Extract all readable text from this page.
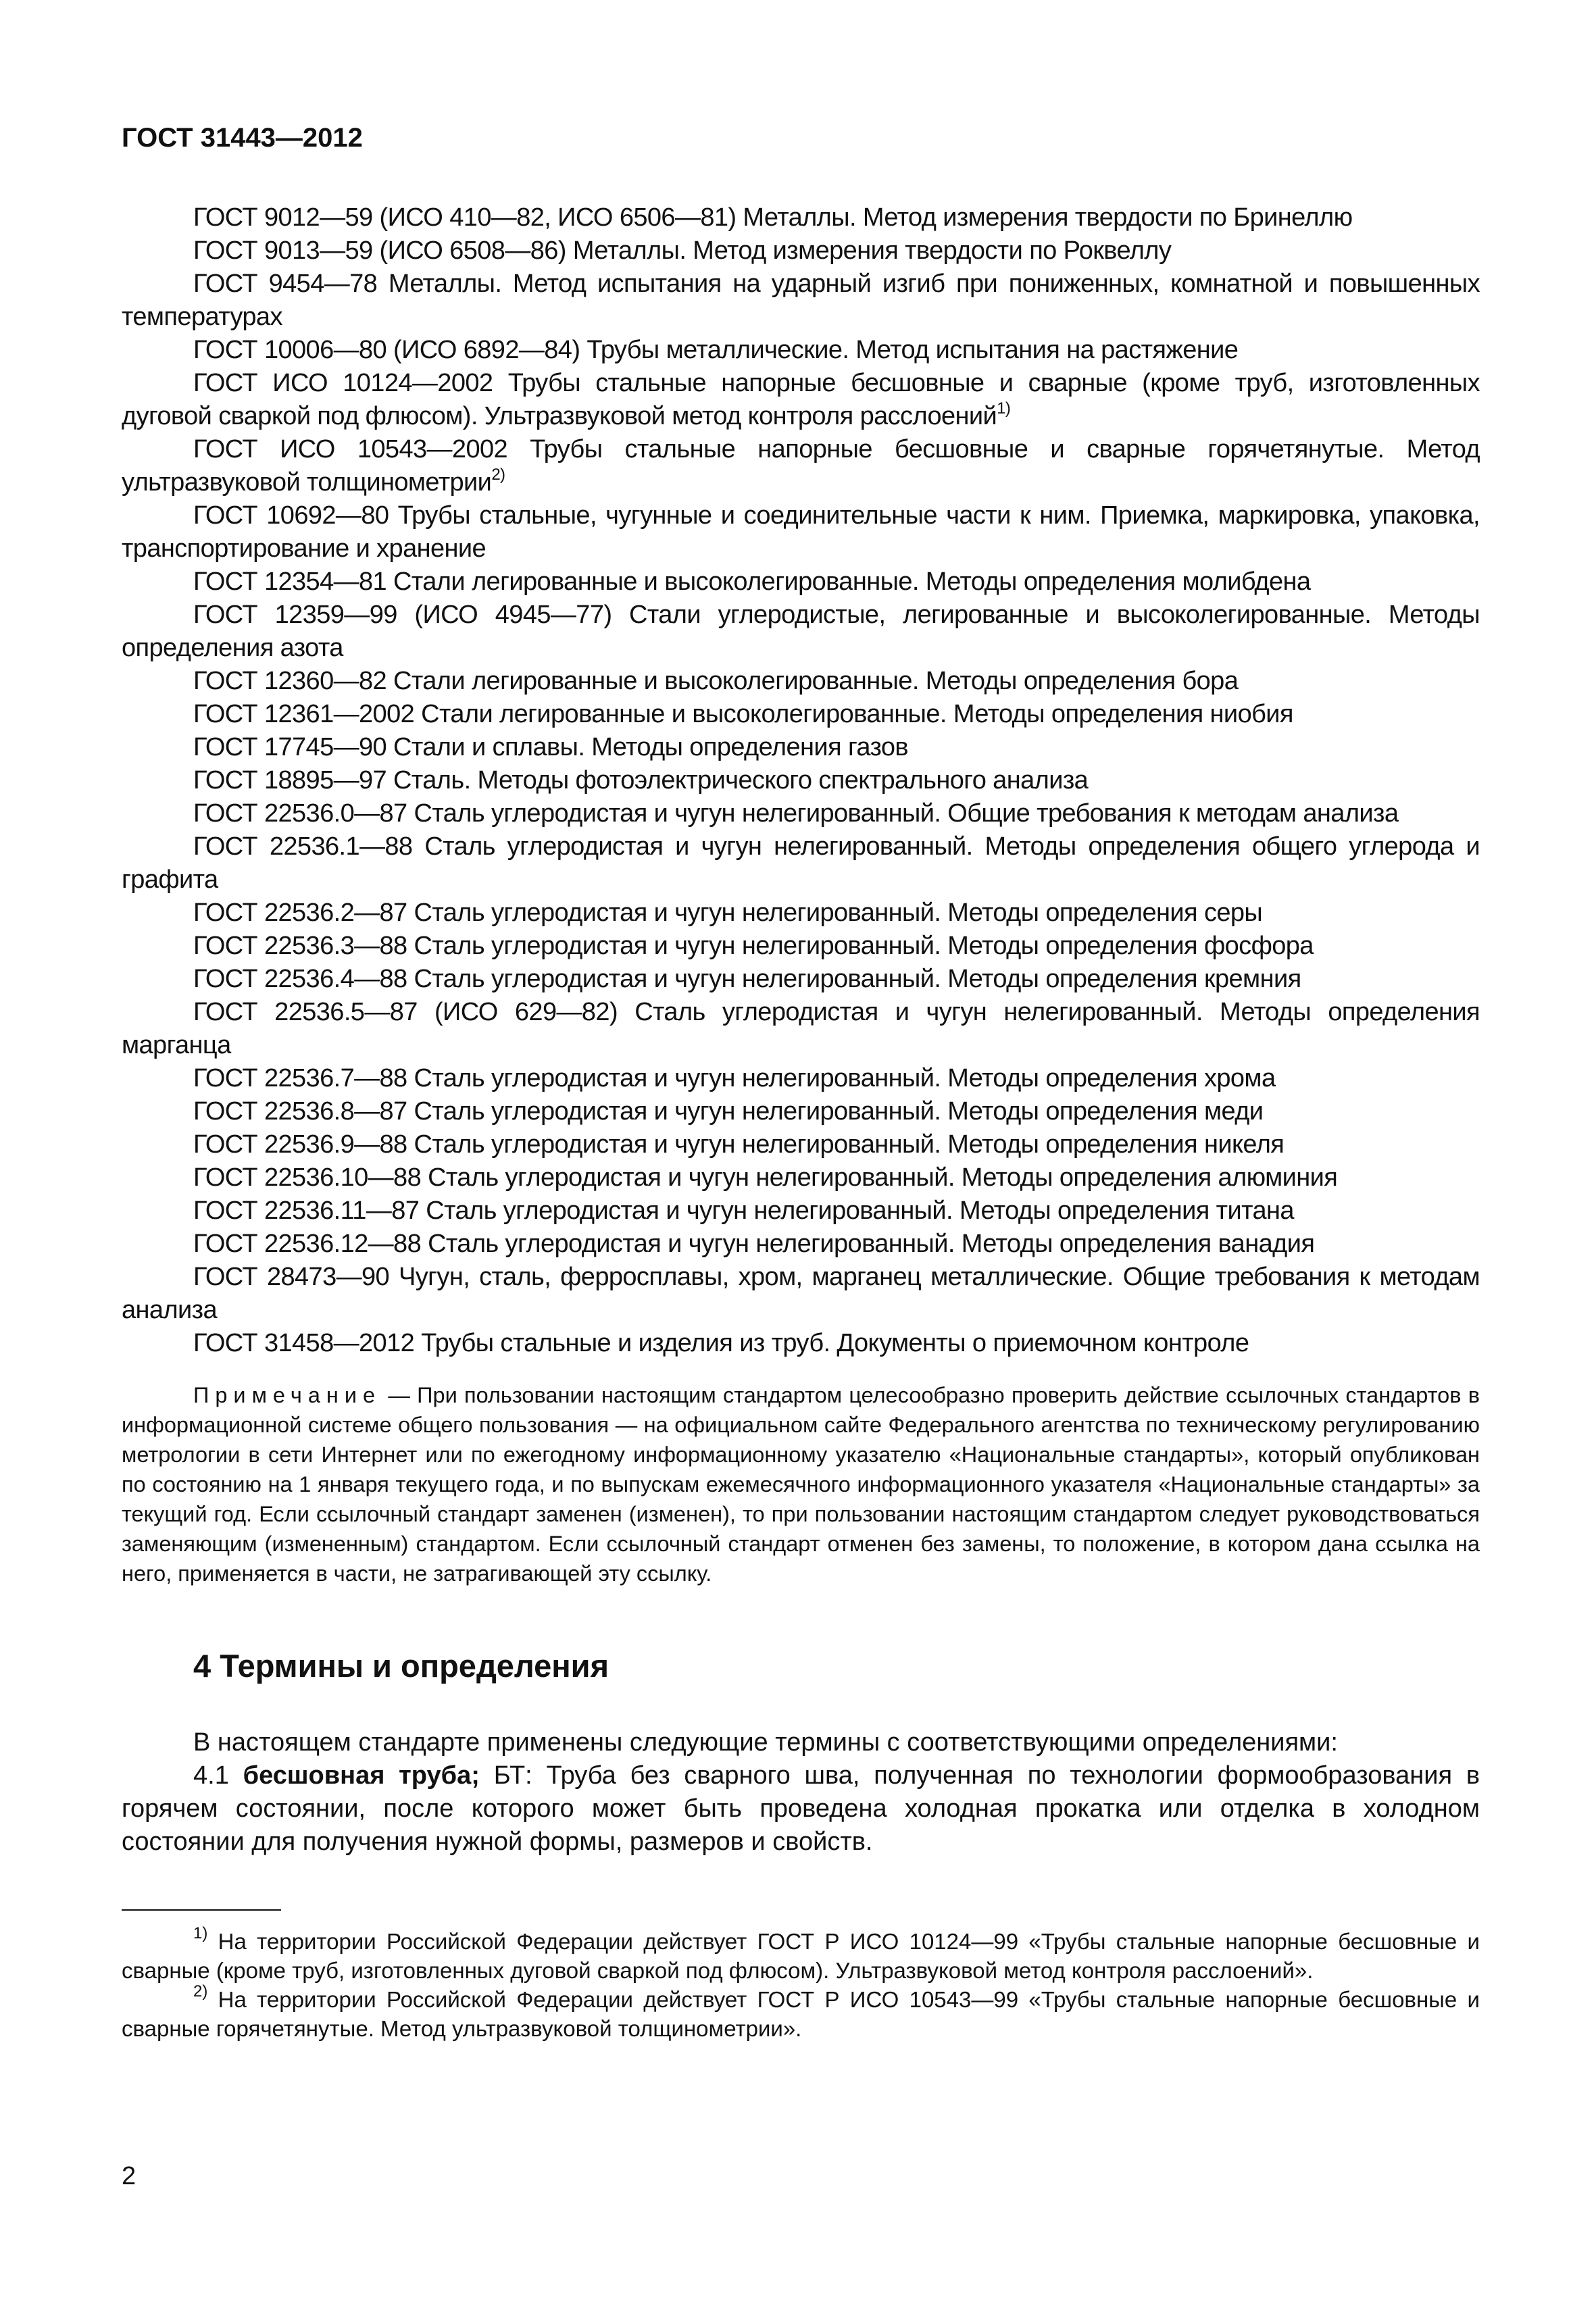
ГОСТ 31443—2012

ГОСТ 9012—59 (ИСО 410—82, ИСО 6506—81) Металлы. Метод измерения твердости по Бринеллю

ГОСТ 9013—59 (ИСО 6508—86) Металлы. Метод измерения твердости по Роквеллу

ГОСТ 9454—78 Металлы. Метод испытания на ударный изгиб при пониженных, комнатной и повышенных температурах

ГОСТ 10006—80 (ИСО 6892—84) Трубы металлические. Метод испытания на растяжение

ГОСТ ИСО 10124—2002 Трубы стальные напорные бесшовные и сварные (кроме труб, изготовленных дуговой сваркой под флюсом). Ультразвуковой метод контроля расслоений$^{1)}$

ГОСТ ИСО 10543—2002 Трубы стальные напорные бесшовные и сварные горячетянутые. Метод ультразвуковой толщинометрии$^{2)}$

ГОСТ 10692—80 Трубы стальные, чугунные и соединительные части к ним. Приемка, маркировка, упаковка, транспортирование и хранение

ГОСТ 12354—81 Стали легированные и высоколегированные. Методы определения молибдена

ГОСТ 12359—99 (ИСО 4945—77) Стали углеродистые, легированные и высоколегированные. Методы определения азота

ГОСТ 12360—82 Стали легированные и высоколегированные. Методы определения бора

ГОСТ 12361—2002 Стали легированные и высоколегированные. Методы определения ниобия

ГОСТ 17745—90 Стали и сплавы. Методы определения газов

ГОСТ 18895—97 Сталь. Методы фотоэлектрического спектрального анализа

ГОСТ 22536.0—87 Сталь углеродистая и чугун нелегированный. Общие требования к методам анализа

ГОСТ 22536.1—88 Сталь углеродистая и чугун нелегированный. Методы определения общего углерода и графита

ГОСТ 22536.2—87 Сталь углеродистая и чугун нелегированный. Методы определения серы

ГОСТ 22536.3—88 Сталь углеродистая и чугун нелегированный. Методы определения фосфора

ГОСТ 22536.4—88 Сталь углеродистая и чугун нелегированный. Методы определения кремния

ГОСТ 22536.5—87 (ИСО 629—82) Сталь углеродистая и чугун нелегированный. Методы определения марганца

ГОСТ 22536.7—88 Сталь углеродистая и чугун нелегированный. Методы определения хрома

ГОСТ 22536.8—87 Сталь углеродистая и чугун нелегированный. Методы определения меди

ГОСТ 22536.9—88 Сталь углеродистая и чугун нелегированный. Методы определения никеля

ГОСТ 22536.10—88 Сталь углеродистая и чугун нелегированный. Методы определения алюминия

ГОСТ 22536.11—87 Сталь углеродистая и чугун нелегированный. Методы определения титана

ГОСТ 22536.12—88 Сталь углеродистая и чугун нелегированный. Методы определения ванадия

ГОСТ 28473—90 Чугун, сталь, ферросплавы, хром, марганец металлические. Общие требования к методам анализа

ГОСТ 31458—2012 Трубы стальные и изделия из труб. Документы о приемочном контроле

Примечание — При пользовании настоящим стандартом целесообразно проверить действие ссылочных стандартов в информационной системе общего пользования — на официальном сайте Федерального агентства по техническому регулированию метрологии в сети Интернет или по ежегодному информационному указателю «Национальные стандарты», который опубликован по состоянию на 1 января текущего года, и по выпускам ежемесячного информационного указателя «Национальные стандарты» за текущий год. Если ссылочный стандарт заменен (изменен), то при пользовании настоящим стандартом следует руководствоваться заменяющим (измененным) стандартом. Если ссылочный стандарт отменен без замены, то положение, в котором дана ссылка на него, применяется в части, не затрагивающей эту ссылку.
4 Термины и определения

В настоящем стандарте применены следующие термины с соответствующими определениями:

4.1 бесшовная труба; БТ: Труба без сварного шва, полученная по технологии формообразования в горячем состоянии, после которого может быть проведена холодная прокатка или отделка в холодном состоянии для получения нужной формы, размеров и свойств.

$^{1)}$ На территории Российской Федерации действует ГОСТ Р ИСО 10124—99 «Трубы стальные напорные бесшовные и сварные (кроме труб, изготовленных дуговой сваркой под флюсом). Ультразвуковой метод контроля расслоений».

$^{2)}$ На территории Российской Федерации действует ГОСТ Р ИСО 10543—99 «Трубы стальные напорные бесшовные и сварные горячетянутые. Метод ультразвуковой толщинометрии».

2
